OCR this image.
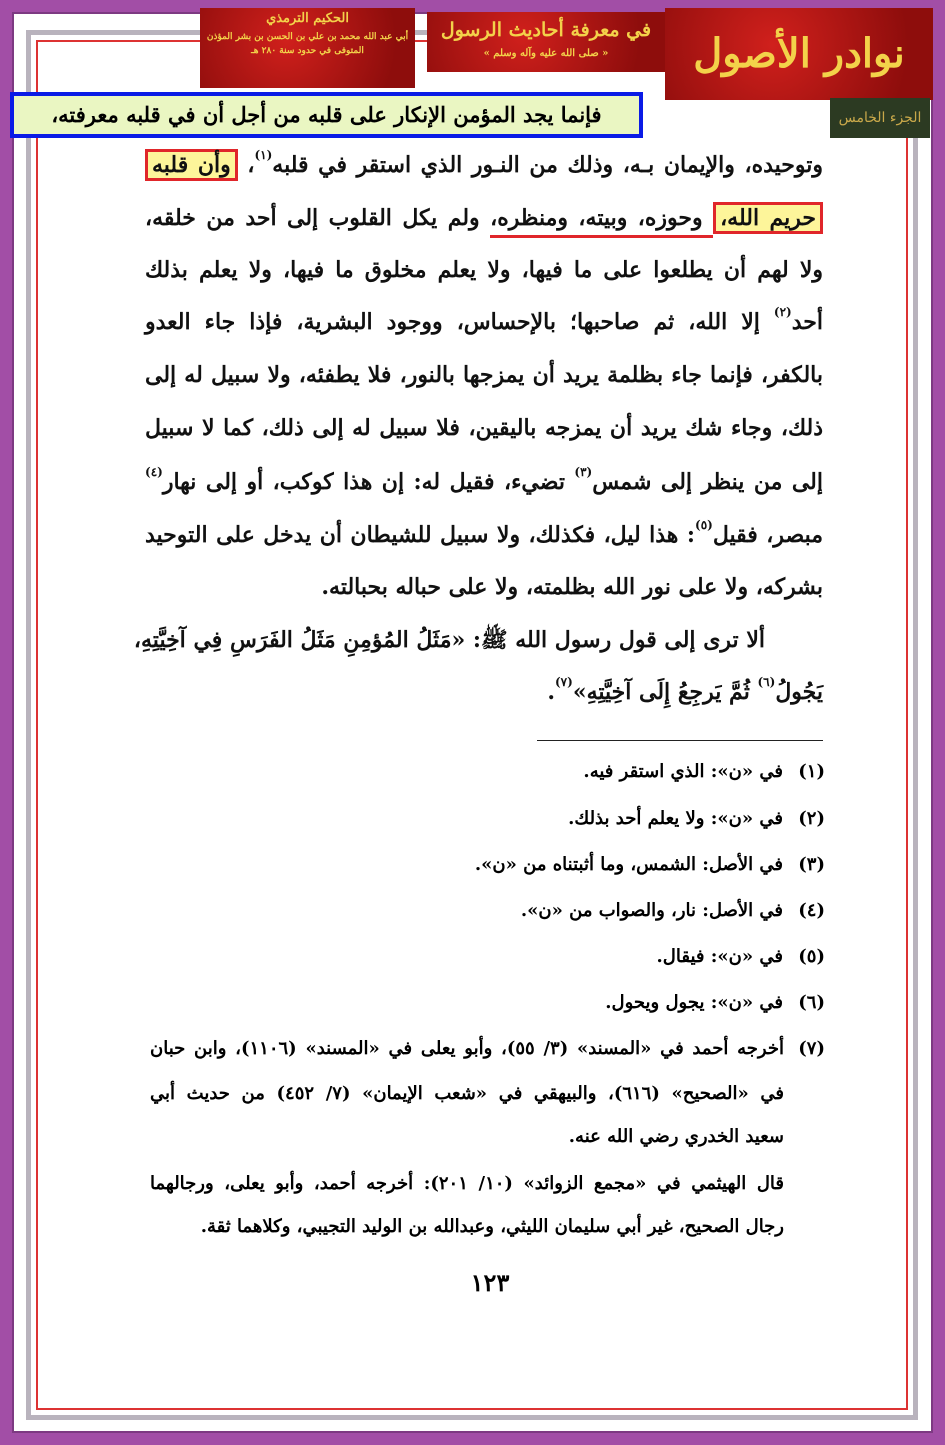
نوادر الأصول
في معرفة أحاديث الرسول
« صلى الله عليه وآله وسلم »
الحكيم الترمذي
أبي عبد الله محمد بن علي بن الحسن بن بشر المؤذن
المتوفى في حدود سنة ٢٨٠ هـ
الجزء الخامس
فإنما يجد المؤمن الإنكار على قلبه من أجل أن في قلبه معرفته،
وتوحيده، والإيمان بـه، وذلك من النـور الذي استقر في قلبه$^{(١)}$، وأن قلبه
حريم الله، وحوزه، وبيته، ومنظره، ولم يكل القلوب إلى أحد من خلقه،
ولا لهم أن يطلعوا على ما فيها، ولا يعلم مخلوق ما فيها، ولا يعلم بذلك
أحد$^{(٢)}$ إلا الله، ثم صاحبها؛ بالإحساس، ووجود البشرية، فإذا جاء العدو
بالكفر، فإنما جاء بظلمة يريد أن يمزجها بالنور، فلا يطفئه، ولا سبيل له إلى
ذلك، وجاء شك يريد أن يمزجه باليقين، فلا سبيل له إلى ذلك، كما لا سبيل
إلى من ينظر إلى شمس$^{(٣)}$ تضيء، فقيل له: إن هذا كوكب، أو إلى نهار$^{(٤)}$
مبصر، فقيل$^{(٥)}$: هذا ليل، فكذلك، ولا سبيل للشيطان أن يدخل على التوحيد
بشركه، ولا على نور الله بظلمته، ولا على حباله بحبالته.
ألا ترى إلى قول رسول الله ﷺ: «مَثَلُ المُؤمِنِ مَثَلُ الفَرَسِ فِي آخِيَّتِهِ،
يَجُولُ$^{(٦)}$ ثُمَّ يَرجِعُ إِلَى آخِيَّتِهِ»$^{(٧)}$.
(١)في «ن»: الذي استقر فيه.
(٢)في «ن»: ولا يعلم أحد بذلك.
(٣)في الأصل: الشمس، وما أثبتناه من «ن».
(٤)في الأصل: نار، والصواب من «ن».
(٥)في «ن»: فيقال.
(٦)في «ن»: يجول ويحول.
(٧)
أخرجه أحمد في «المسند» (٣/ ٥٥)، وأبو يعلى في «المسند» (١١٠٦)، وابن حبان
في «الصحيح» (٦١٦)، والبيهقي في «شعب الإيمان» (٧/ ٤٥٢) من حديث أبي
سعيد الخدري رضي الله عنه.
قال الهيثمي في «مجمع الزوائد» (١٠/ ٢٠١): أخرجه أحمد، وأبو يعلى، ورجالهما
رجال الصحيح، غير أبي سليمان الليثي، وعبدالله بن الوليد التجيبي، وكلاهما ثقة.
١٢٣
